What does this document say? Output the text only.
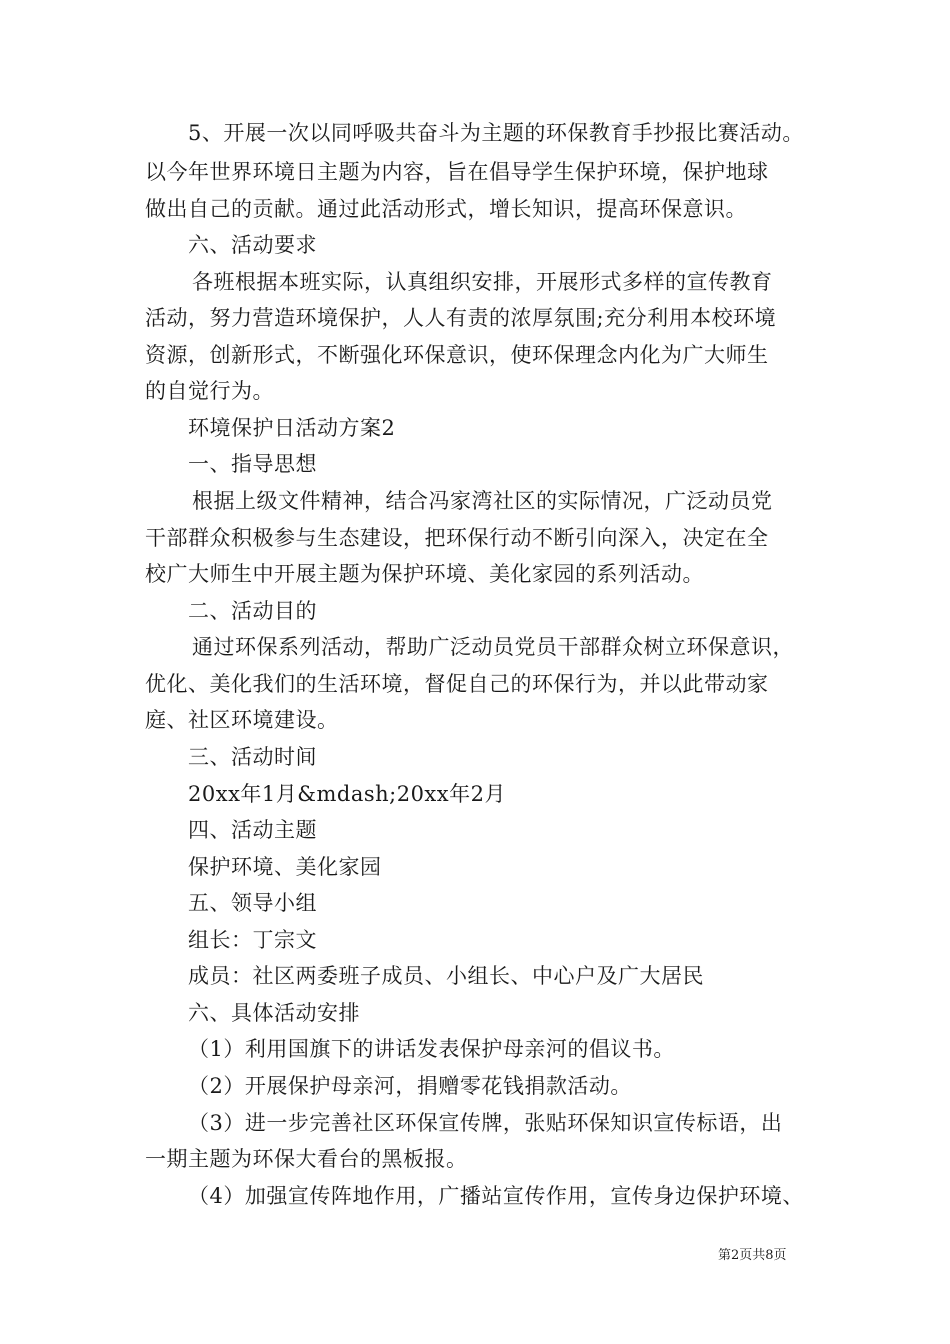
5、开展一次以同呼吸共奋斗为主题的环保教育手抄报比赛活动。
以今年世界环境日主题为内容，旨在倡导学生保护环境，保护地球
做出自己的贡献。通过此活动形式，增长知识，提高环保意识。
六、活动要求
各班根据本班实际，认真组织安排，开展形式多样的宣传教育
活动，努力营造环境保护，人人有责的浓厚氛围;充分利用本校环境
资源，创新形式，不断强化环保意识，使环保理念内化为广大师生
的自觉行为。
环境保护日活动方案2
一、指导思想
根据上级文件精神，结合冯家湾社区的实际情况，广泛动员党
干部群众积极参与生态建设，把环保行动不断引向深入，决定在全
校广大师生中开展主题为保护环境、美化家园的系列活动。
二、活动目的
通过环保系列活动，帮助广泛动员党员干部群众树立环保意识，
优化、美化我们的生活环境，督促自己的环保行为，并以此带动家
庭、社区环境建设。
三、活动时间
20xx年1月&mdash;20xx年2月
四、活动主题
保护环境、美化家园
五、领导小组
组长：丁宗文
成员：社区两委班子成员、小组长、中心户及广大居民
六、具体活动安排
（1）利用国旗下的讲话发表保护母亲河的倡议书。
（2）开展保护母亲河，捐赠零花钱捐款活动。
（3）进一步完善社区环保宣传牌，张贴环保知识宣传标语，出
一期主题为环保大看台的黑板报。
（4）加强宣传阵地作用，广播站宣传作用，宣传身边保护环境、
第2页共8页
